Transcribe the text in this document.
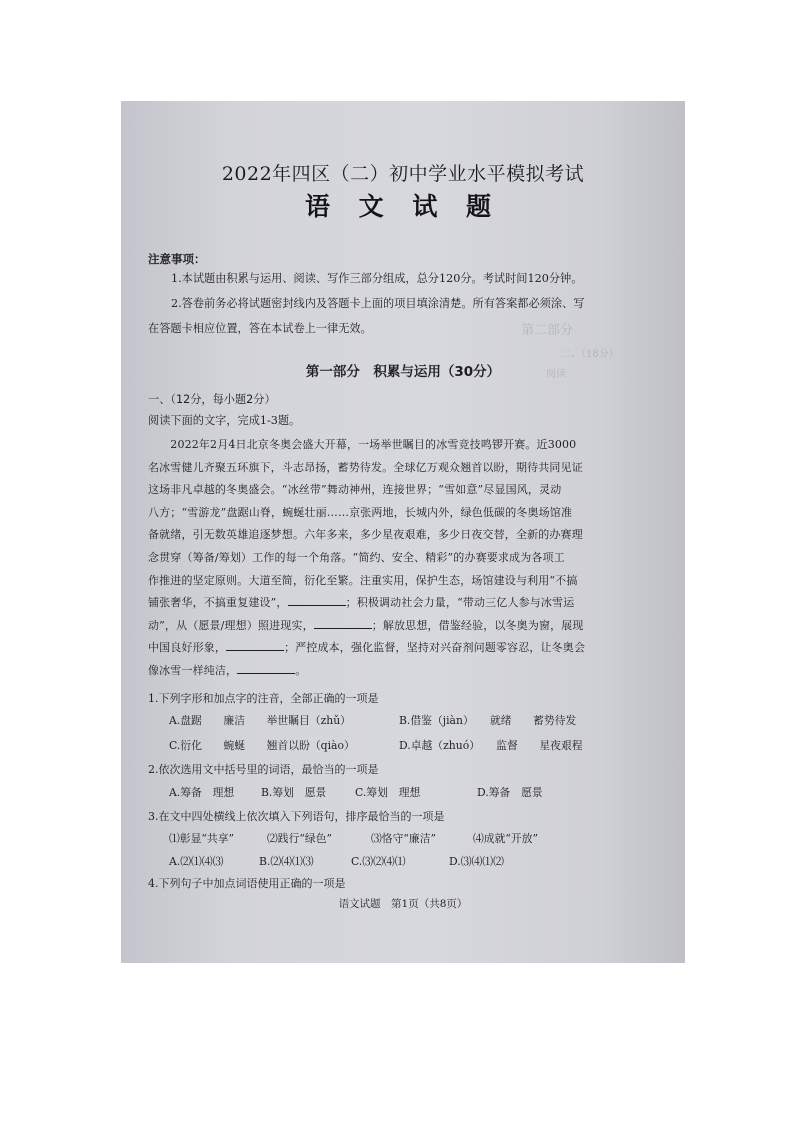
第二部分
二、（18分）
阅读
2022年四区（二）初中学业水平模拟考试
语 文 试 题
注意事项：
1.本试题由积累与运用、阅读、写作三部分组成，总分120分。考试时间120分钟。
2.答卷前务必将试题密封线内及答题卡上面的项目填涂清楚。所有答案都必须涂、写
在答题卡相应位置，答在本试卷上一律无效。
第一部分　积累与运用（30分）
一、（12分，每小题2分）
阅读下面的文字，完成1-3题。
　　2022年2月4日北京冬奥会盛大开幕，一场举世瞩目的冰雪竞技鸣锣开赛。近3000
名冰雪健儿齐聚五环旗下，斗志昂扬，蓄势待发。全球亿万观众翘首以盼，期待共同见证
这场非凡卓越的冬奥盛会。“冰丝带”舞动神州，连接世界；“雪如意”尽显国风，灵动
八方；“雪游龙”盘踞山脊，蜿蜒壮丽……京张两地，长城内外，绿色低碳的冬奥场馆准
备就绪，引无数英雄追逐梦想。六年多来，多少星夜艰难，多少日夜交替，全新的办赛理
念贯穿（筹备/筹划）工作的每一个角落。“简约、安全、精彩”的办赛要求成为各项工
作推进的坚定原则。大道至简，衍化至繁。注重实用，保护生态，场馆建设与利用“不搞
铺张奢华，不搞重复建设”，	；积极调动社会力量，“带动三亿人参与冰雪运
动”，从（愿景/理想）照进现实，	；解放思想，借鉴经验，以冬奥为窗，展现
中国良好形象，	；严控成本，强化监督，坚持对兴奋剂问题零容忍，让冬奥会
像冰雪一样纯洁，	。
1.下列字形和加点字的注音，全部正确的一项是
A.盘踞　　廉洁　　举世瞩目（zhǔ）	B.借鉴（jiàn）　　就绪　　蓄势待发
C.衍化　　蜿蜒　　翘首以盼（qiào）	D.卓越（zhuó）　　监督　　星夜艰程
2.依次选用文中括号里的词语，最恰当的一项是
A.筹备　理想 B.筹划　愿景	C.筹划　理想	D.筹备　愿景
3.在文中四处横线上依次填入下列语句，排序最恰当的一项是
⑴彰显“共享”	⑵践行“绿色”	⑶恪守“廉洁”	⑷成就“开放”
A.⑵⑴⑷⑶	B.⑵⑷⑴⑶	C.⑶⑵⑷⑴	D.⑶⑷⑴⑵
4.下列句子中加点词语使用正确的一项是
语文试题　第1页（共8页）
